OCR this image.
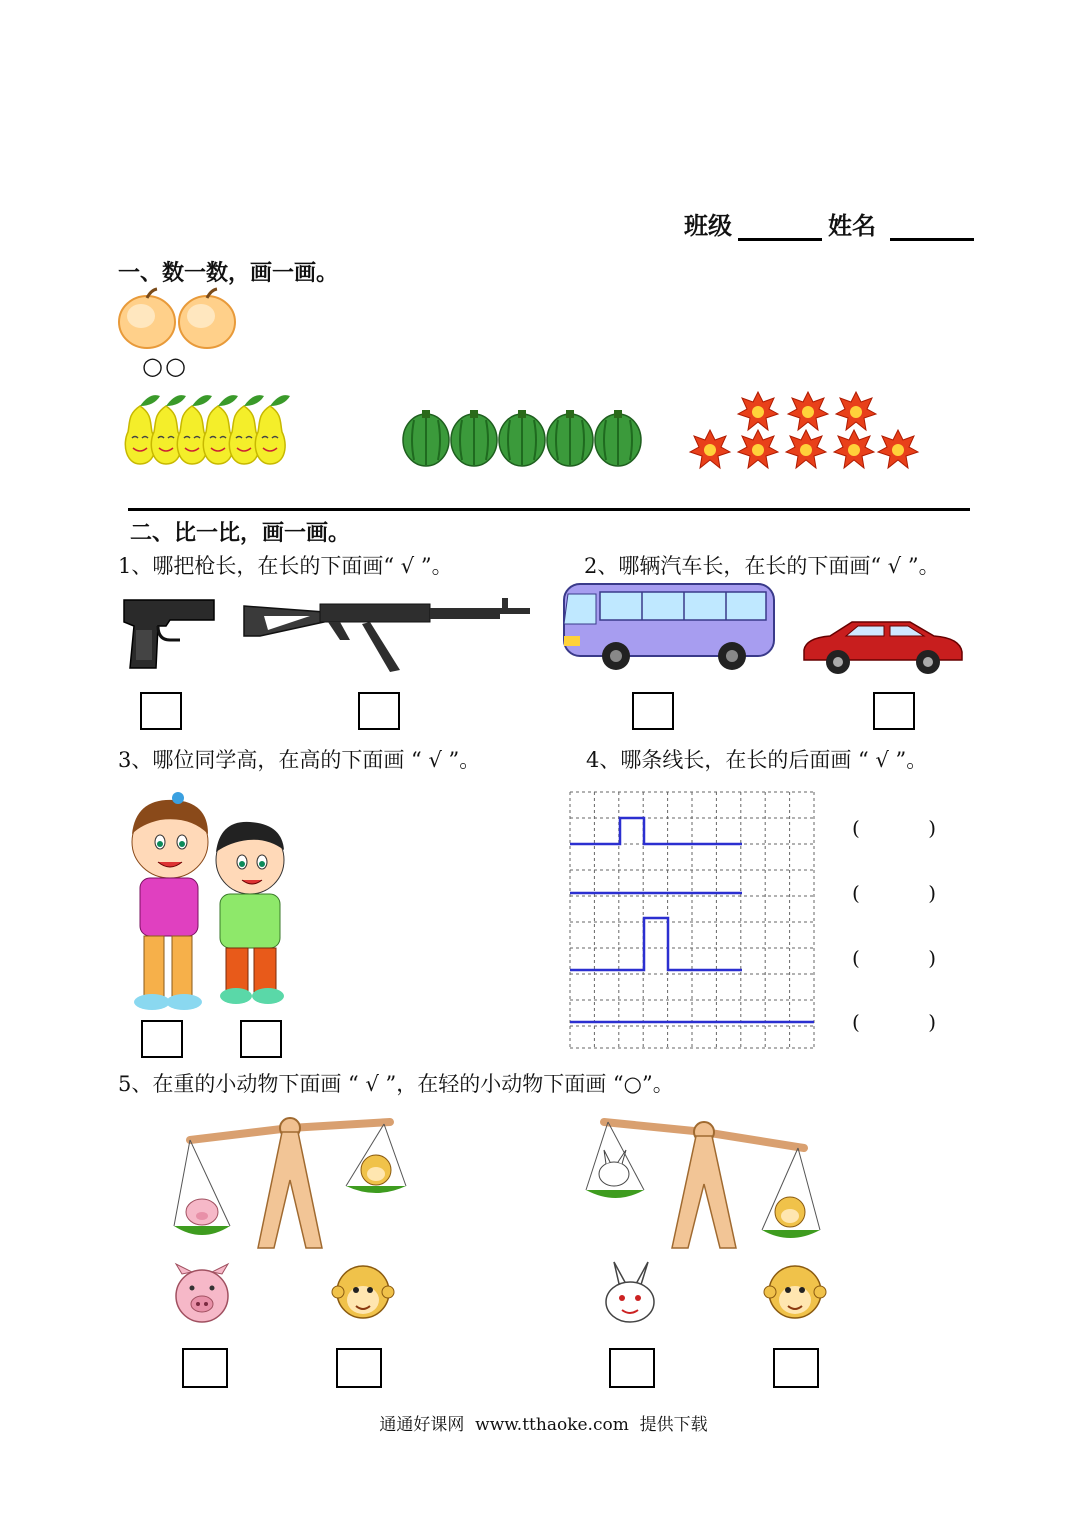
班级	姓名
一、数一数，画一画。
○○
二、比一比，画一画。
1、哪把枪长，在长的下面画“ √ ”。	2、哪辆汽车长，在长的下面画“ √ ”。
3、哪位同学高，在高的下面画 “ √ ”。	4、哪条线长，在长的后面画 “ √ ”。
(	)
(	)
(	)
(	)
5、在重的小动物下面画 “ √ ”，在轻的小动物下面画 “○”。
通通好课网  www.tthaoke.com  提供下载
